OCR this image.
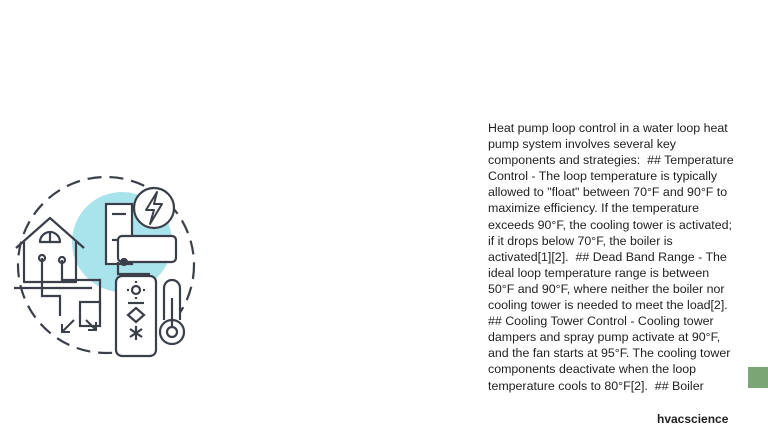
Heat pump loop control in a water loop heat pump system involves several key components and strategies:  ## Temperature Control - The loop temperature is typically allowed to "float" between 70°F and 90°F to maximize efficiency. If the temperature exceeds 90°F, the cooling tower is activated; if it drops below 70°F, the boiler is activated[1][2].  ## Dead Band Range - The ideal loop temperature range is between 50°F and 90°F, where neither the boiler nor cooling tower is needed to meet the load[2].  ## Cooling Tower Control - Cooling tower dampers and spray pump activate at 90°F, and the fan starts at 95°F. The cooling tower components deactivate when the loop temperature cools to 80°F[2].  ## Boiler
hvacscience
